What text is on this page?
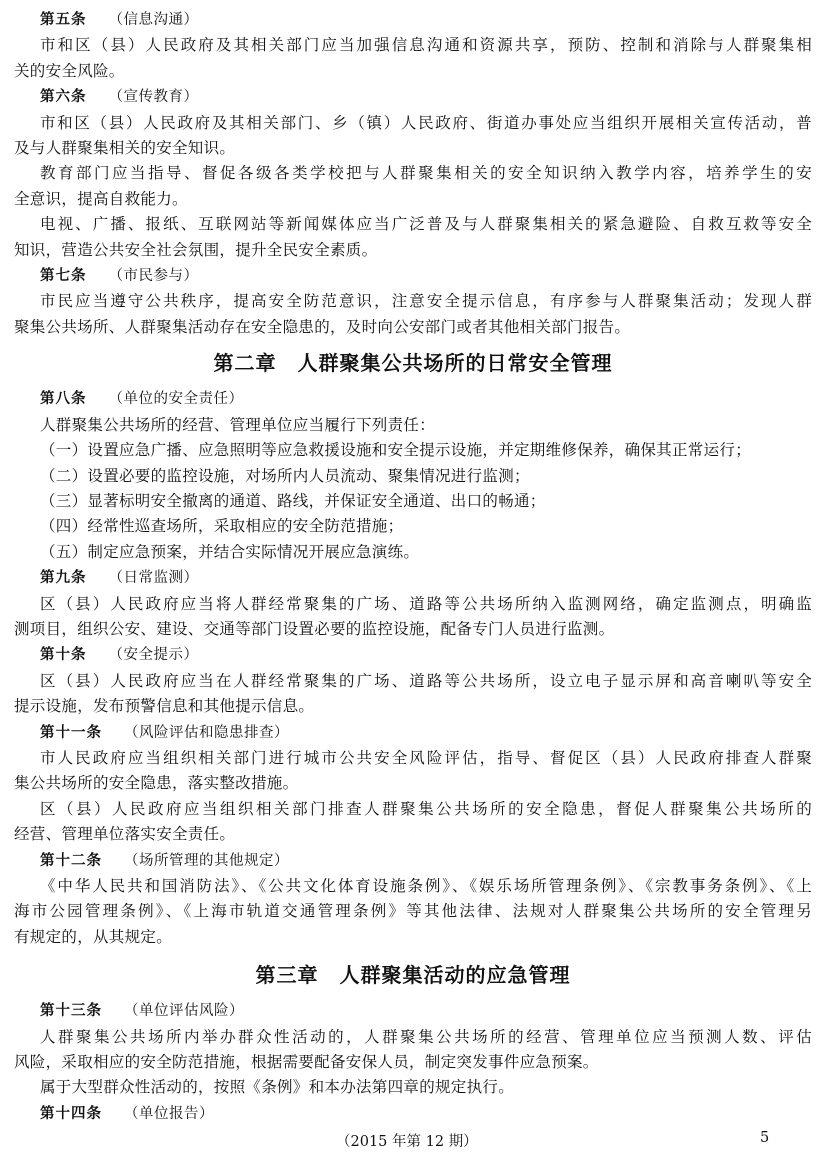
第五条 （信息沟通）
市和区（县）人民政府及其相关部门应当加强信息沟通和资源共享，预防、控制和消除与人群聚集相
关的安全风险。
第六条 （宣传教育）
市和区（县）人民政府及其相关部门、乡（镇）人民政府、街道办事处应当组织开展相关宣传活动，普
及与人群聚集相关的安全知识。
教育部门应当指导、督促各级各类学校把与人群聚集相关的安全知识纳入教学内容，培养学生的安
全意识，提高自救能力。
电视、广播、报纸、互联网站等新闻媒体应当广泛普及与人群聚集相关的紧急避险、自救互救等安全
知识，营造公共安全社会氛围，提升全民安全素质。
第七条 （市民参与）
市民应当遵守公共秩序，提高安全防范意识，注意安全提示信息，有序参与人群聚集活动；发现人群
聚集公共场所、人群聚集活动存在安全隐患的，及时向公安部门或者其他相关部门报告。
第二章　人群聚集公共场所的日常安全管理
第八条 （单位的安全责任）
人群聚集公共场所的经营、管理单位应当履行下列责任：
（一）设置应急广播、应急照明等应急救援设施和安全提示设施，并定期维修保养，确保其正常运行；
（二）设置必要的监控设施，对场所内人员流动、聚集情况进行监测；
（三）显著标明安全撤离的通道、路线，并保证安全通道、出口的畅通；
（四）经常性巡查场所，采取相应的安全防范措施；
（五）制定应急预案，并结合实际情况开展应急演练。
第九条 （日常监测）
区（县）人民政府应当将人群经常聚集的广场、道路等公共场所纳入监测网络，确定监测点，明确监
测项目，组织公安、建设、交通等部门设置必要的监控设施，配备专门人员进行监测。
第十条 （安全提示）
区（县）人民政府应当在人群经常聚集的广场、道路等公共场所，设立电子显示屏和高音喇叭等安全
提示设施，发布预警信息和其他提示信息。
第十一条 （风险评估和隐患排查）
市人民政府应当组织相关部门进行城市公共安全风险评估，指导、督促区（县）人民政府排查人群聚
集公共场所的安全隐患，落实整改措施。
区（县）人民政府应当组织相关部门排查人群聚集公共场所的安全隐患，督促人群聚集公共场所的
经营、管理单位落实安全责任。
第十二条 （场所管理的其他规定）
《中华人民共和国消防法》、《公共文化体育设施条例》、《娱乐场所管理条例》、《宗教事务条例》、《上
海市公园管理条例》、《上海市轨道交通管理条例》等其他法律、法规对人群聚集公共场所的安全管理另
有规定的，从其规定。
第三章　人群聚集活动的应急管理
第十三条 （单位评估风险）
人群聚集公共场所内举办群众性活动的，人群聚集公共场所的经营、管理单位应当预测人数、评估
风险，采取相应的安全防范措施，根据需要配备安保人员，制定突发事件应急预案。
属于大型群众性活动的，按照《条例》和本办法第四章的规定执行。
第十四条 （单位报告）
（2015 年第 12 期）	5
